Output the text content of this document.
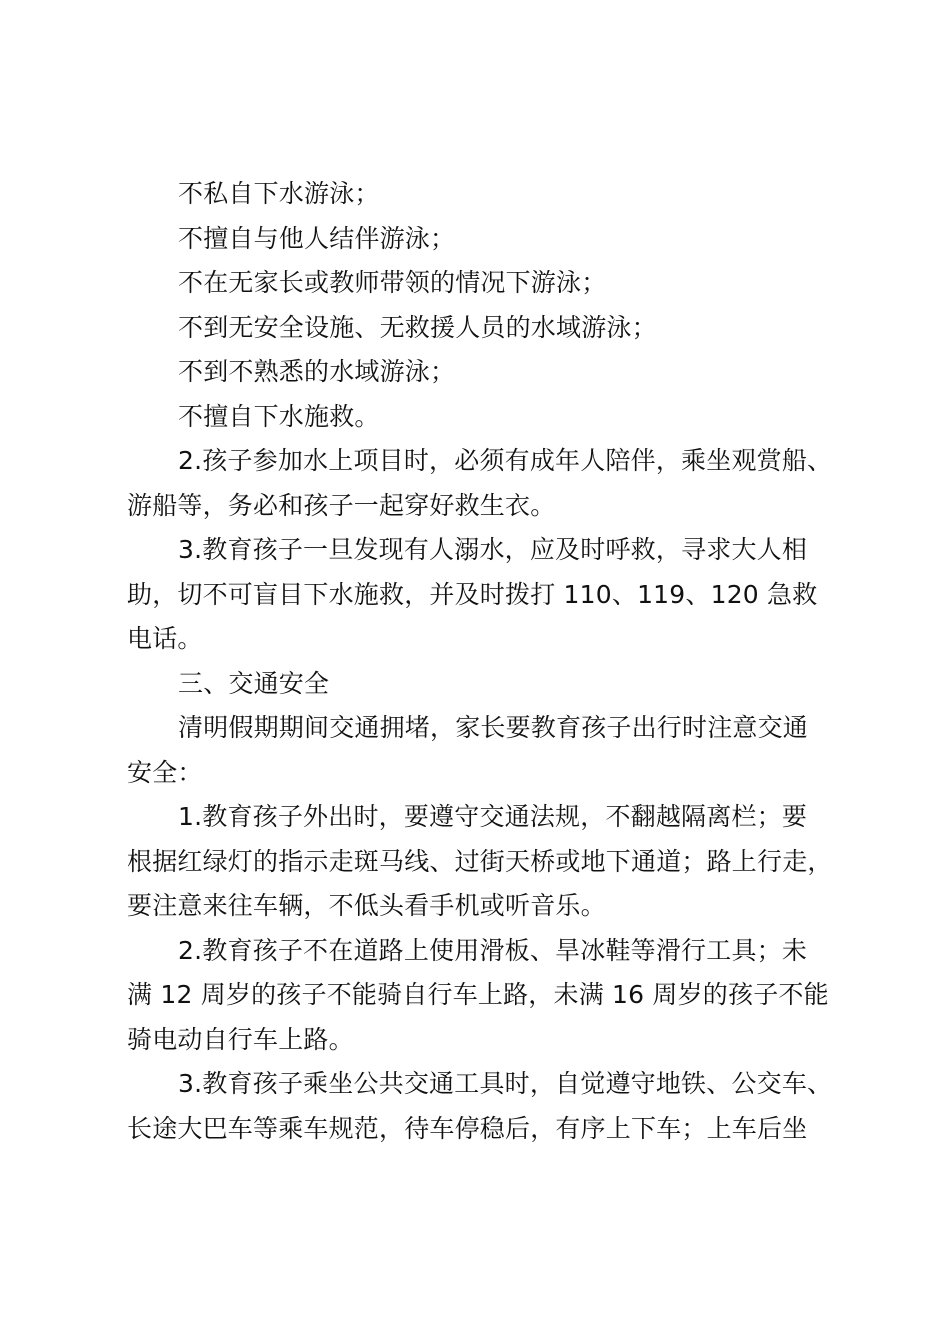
不私自下水游泳；
不擅自与他人结伴游泳；
不在无家长或教师带领的情况下游泳；
不到无安全设施、无救援人员的水域游泳；
不到不熟悉的水域游泳；
不擅自下水施救。
2.孩子参加水上项目时，必须有成年人陪伴，乘坐观赏船、
游船等，务必和孩子一起穿好救生衣。
3.教育孩子一旦发现有人溺水，应及时呼救，寻求大人相
助，切不可盲目下水施救，并及时拨打 110、119、120 急救
电话。
三、交通安全
清明假期期间交通拥堵，家长要教育孩子出行时注意交通
安全：
1.教育孩子外出时，要遵守交通法规，不翻越隔离栏；要
根据红绿灯的指示走斑马线、过街天桥或地下通道；路上行走，
要注意来往车辆，不低头看手机或听音乐。
2.教育孩子不在道路上使用滑板、旱冰鞋等滑行工具；未
满 12 周岁的孩子不能骑自行车上路，未满 16 周岁的孩子不能
骑电动自行车上路。
3.教育孩子乘坐公共交通工具时，自觉遵守地铁、公交车、
长途大巴车等乘车规范，待车停稳后，有序上下车；上车后坐
